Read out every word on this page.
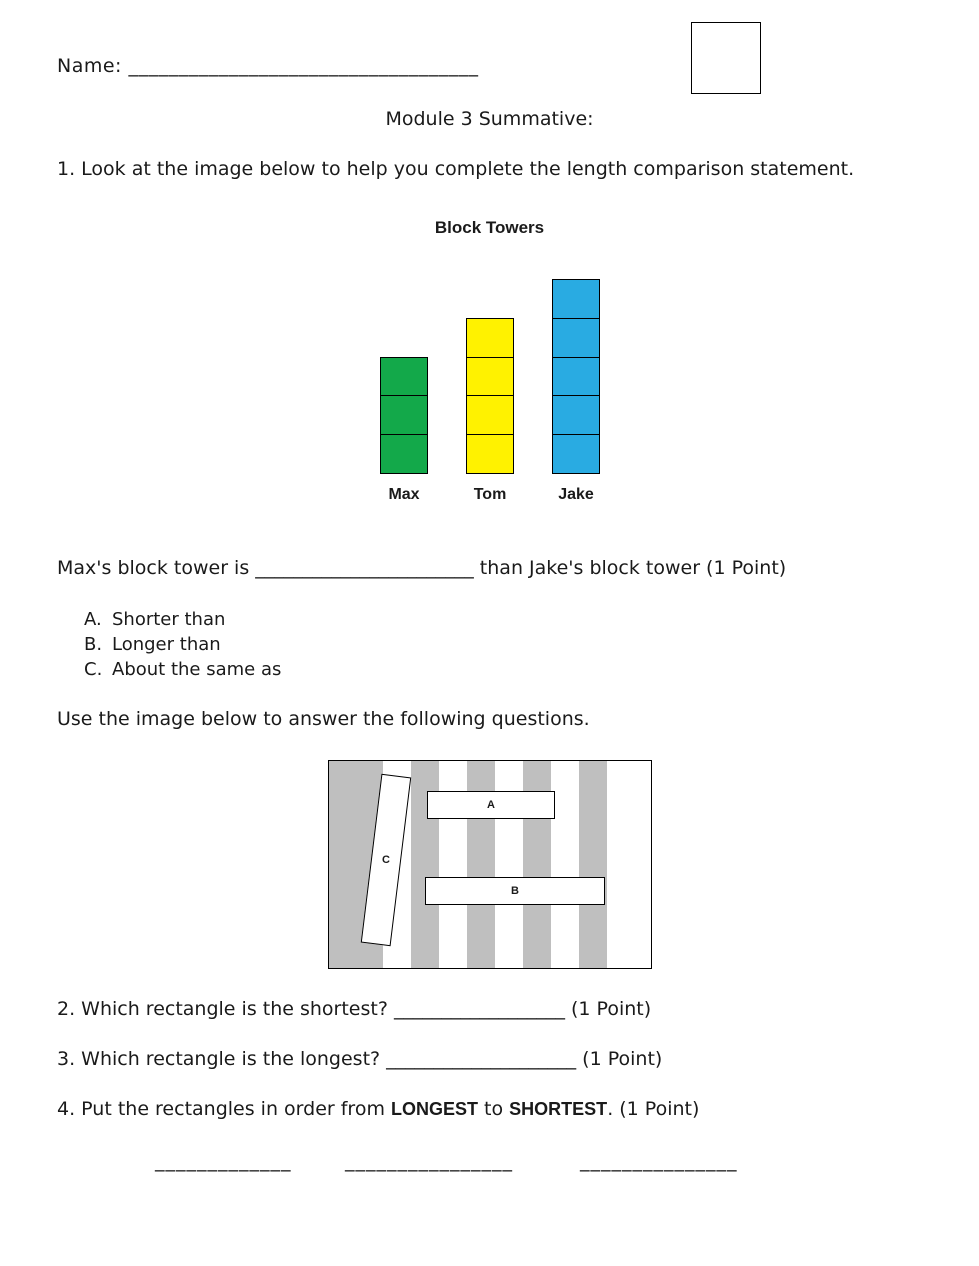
Name: ___________________________________
Module 3 Summative:
1. Look at the image below to help you complete the length comparison statement.
Block Towers
Max	Tom	Jake
Max's block tower is _______________________ than Jake's block tower (1 Point)
A. Shorter than
B. Longer than
C. About the same as
Use the image below to answer the following questions.
A
B
C
2. Which rectangle is the shortest? __________________ (1 Point)
3. Which rectangle is the longest? ____________________ (1 Point)
4. Put the rectangles in order from LONGEST to SHORTEST. (1 Point)
_____________	________________	_______________
